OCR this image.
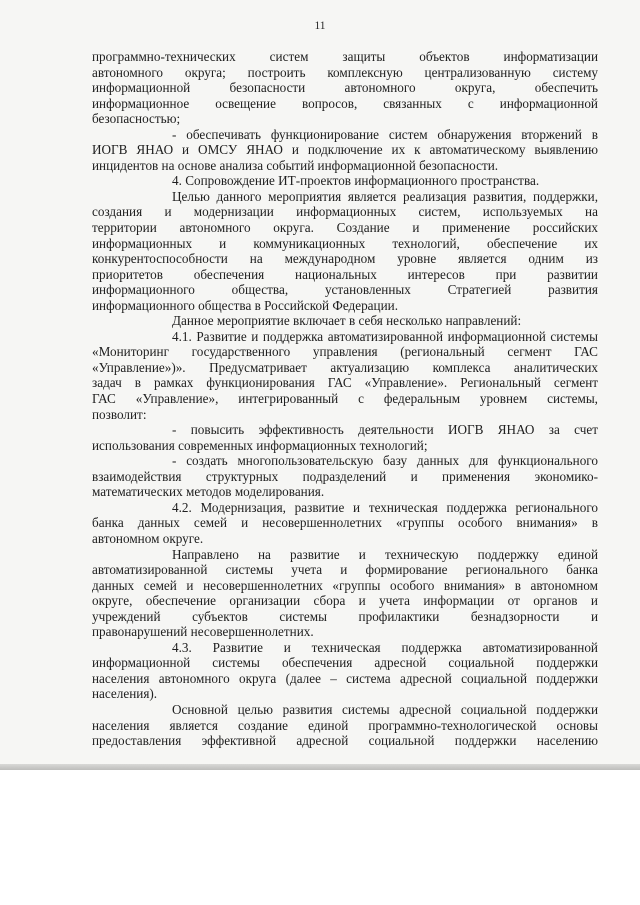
11
программно-технических систем защиты объектов информатизации
автономного округа; построить комплексную централизованную систему
информационной безопасности автономного округа, обеспечить
информационное освещение вопросов, связанных с информационной
безопасностью;
- обеспечивать функционирование систем обнаружения вторжений в
ИОГВ ЯНАО и ОМСУ ЯНАО и подключение их к автоматическому выявлению
инцидентов на основе анализа событий информационной безопасности.
4. Сопровождение ИТ-проектов информационного пространства.
Целью данного мероприятия является реализация развития, поддержки,
создания и модернизации информационных систем, используемых на
территории автономного округа. Создание и применение российских
информационных и коммуникационных технологий, обеспечение их
конкурентоспособности на международном уровне является одним из
приоритетов обеспечения национальных интересов при развитии
информационного общества, установленных Стратегией развития
информационного общества в Российской Федерации.
Данное мероприятие включает в себя несколько направлений:
4.1. Развитие и поддержка автоматизированной информационной системы
«Мониторинг государственного управления (региональный сегмент ГАС
«Управление»)». Предусматривает актуализацию комплекса аналитических
задач в рамках функционирования ГАС «Управление». Региональный сегмент
ГАС «Управление», интегрированный с федеральным уровнем системы,
позволит:
- повысить эффективность деятельности ИОГВ ЯНАО за счет
использования современных информационных технологий;
- создать многопользовательскую базу данных для функционального
взаимодействия структурных подразделений и применения экономико-
математических методов моделирования.
4.2. Модернизация, развитие и техническая поддержка регионального
банка данных семей и несовершеннолетних «группы особого внимания» в
автономном округе.
Направлено на развитие и техническую поддержку единой
автоматизированной системы учета и формирование регионального банка
данных семей и несовершеннолетних «группы особого внимания» в автономном
округе, обеспечение организации сбора и учета информации от органов и
учреждений субъектов системы профилактики безнадзорности и
правонарушений несовершеннолетних.
4.3. Развитие и техническая поддержка автоматизированной
информационной системы обеспечения адресной социальной поддержки
населения автономного округа (далее – система адресной социальной поддержки
населения).
Основной целью развития системы адресной социальной поддержки
населения является создание единой программно-технологической основы
предоставления эффективной адресной социальной поддержки населению
